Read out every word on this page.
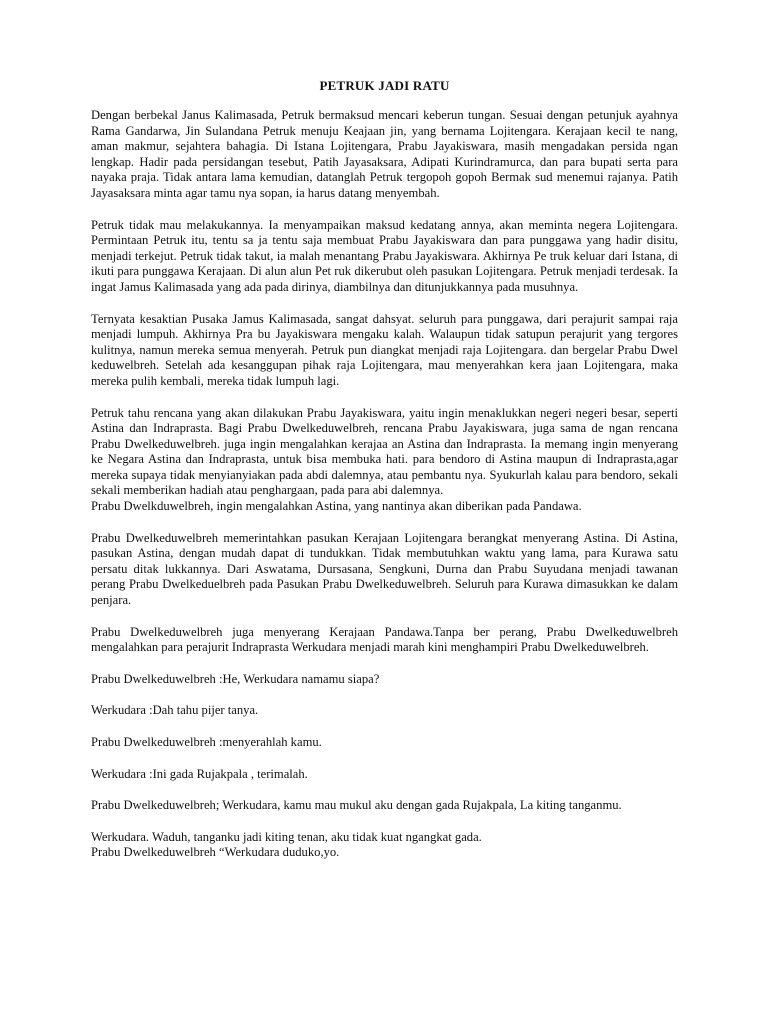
PETRUK JADI RATU

Dengan berbekal Janus Kalimasada, Petruk bermaksud mencari keberun tungan. Sesuai dengan petunjuk ayahnya Rama Gandarwa, Jin Sulandana Petruk menuju Keajaan jin, yang bernama Lojitengara. Kerajaan kecil te nang, aman makmur, sejahtera bahagia. Di Istana Lojitengara, Prabu Jayakiswara, masih mengadakan persida ngan lengkap. Hadir pada persidangan tesebut, Patih Jayasaksara, Adipati Kurindramurca, dan para bupati serta para nayaka praja. Tidak antara lama kemudian, datanglah Petruk tergopoh gopoh Bermak sud menemui rajanya. Patih Jayasaksara minta agar tamu nya sopan, ia harus datang menyembah.

Petruk tidak mau melakukannya. Ia menyampaikan maksud kedatang annya, akan meminta negera Lojitengara. Permintaan Petruk itu, tentu sa ja tentu saja membuat Prabu Jayakiswara dan para punggawa yang hadir disitu, menjadi terkejut. Petruk tidak takut, ia malah menantang Prabu Jayakiswara. Akhirnya Pe truk keluar dari Istana, di ikuti para punggawa Kerajaan. Di alun alun Pet ruk dikerubut oleh pasukan Lojitengara. Petruk menjadi terdesak. Ia ingat Jamus Kalimasada yang ada pada dirinya, diambilnya dan ditunjukkannya pada musuhnya.

Ternyata kesaktian Pusaka Jamus Kalimasada, sangat dahsyat. seluruh para punggawa, dari perajurit sampai raja menjadi lumpuh. Akhirnya Pra bu Jayakiswara mengaku kalah. Walaupun tidak satupun perajurit yang tergores kulitnya, namun mereka semua menyerah. Petruk pun diangkat menjadi raja Lojitengara. dan bergelar Prabu Dwel keduwelbreh. Setelah ada kesanggupan pihak raja Lojitengara, mau menyerahkan kera jaan Lojitengara, maka mereka pulih kembali, mereka tidak lumpuh lagi.

Petruk tahu rencana yang akan dilakukan Prabu Jayakiswara, yaitu ingin menaklukkan negeri negeri besar, seperti Astina dan Indraprasta. Bagi Prabu Dwelkeduwelbreh, rencana Prabu Jayakiswara, juga sama de ngan rencana Prabu Dwelkeduwelbreh. juga ingin mengalahkan kerajaa an Astina dan Indraprasta. Ia memang ingin menyerang ke Negara Astina dan Indraprasta, untuk bisa membuka hati. para bendoro di Astina maupun di Indraprasta,agar mereka supaya tidak menyianyiakan pada abdi dalemnya, atau pembantu nya. Syukurlah kalau para bendoro, sekali sekali memberikan hadiah atau penghargaan, pada para abi dalemnya.

Prabu Dwelkduwelbreh, ingin mengalahkan Astina, yang nantinya akan diberikan pada Pandawa.

Prabu Dwelkeduwelbreh memerintahkan pasukan Kerajaan Lojitengara berangkat menyerang Astina. Di Astina, pasukan Astina, dengan mudah dapat di tundukkan. Tidak membutuhkan waktu yang lama, para Kurawa satu persatu ditak lukkannya. Dari Aswatama, Dursasana, Sengkuni, Durna dan Prabu Suyudana menjadi tawanan perang Prabu Dwelkeduelbreh pada Pasukan Prabu Dwelkeduwelbreh. Seluruh para Kurawa dimasukkan ke dalam penjara.

Prabu Dwelkeduwelbreh juga menyerang Kerajaan Pandawa.Tanpa ber perang, Prabu Dwelkeduwelbreh mengalahkan para perajurit Indraprasta Werkudara menjadi marah kini menghampiri Prabu Dwelkeduwelbreh.

Prabu Dwelkeduwelbreh :He, Werkudara namamu siapa?

Werkudara :Dah tahu pijer tanya.

Prabu Dwelkeduwelbreh :menyerahlah kamu.

Werkudara :Ini gada Rujakpala , terimalah.

Prabu Dwelkeduwelbreh; Werkudara, kamu mau mukul aku dengan gada Rujakpala, La kiting tanganmu.

Werkudara. Waduh, tanganku jadi kiting tenan, aku tidak kuat ngangkat gada.

Prabu Dwelkeduwelbreh “Werkudara duduko,yo.
